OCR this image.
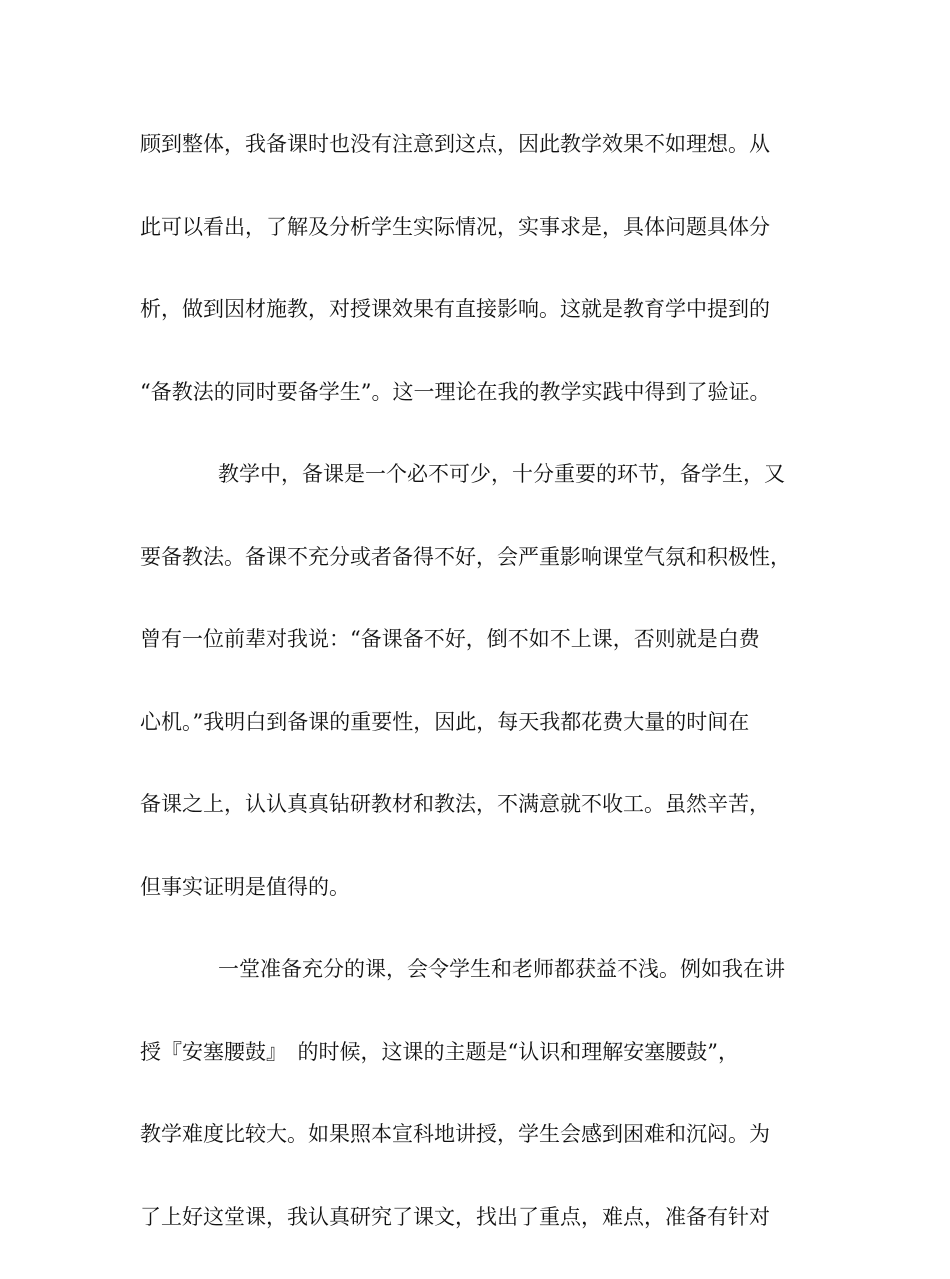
顾到整体，我备课时也没有注意到这点，因此教学效果不如理想。从
此可以看出，了解及分析学生实际情况，实事求是，具体问题具体分
析，做到因材施教，对授课效果有直接影响。这就是教育学中提到的
“备教法的同时要备学生”。这一理论在我的教学实践中得到了验证。
教学中，备课是一个必不可少，十分重要的环节，备学生，又
要备教法。备课不充分或者备得不好，会严重影响课堂气氛和积极性，
曾有一位前辈对我说：“备课备不好，倒不如不上课，否则就是白费
心机。”我明白到备课的重要性，因此，每天我都花费大量的时间在
备课之上，认认真真钻研教材和教法，不满意就不收工。虽然辛苦，
但事实证明是值得的。
一堂准备充分的课，会令学生和老师都获益不浅。例如我在讲
授『安塞腰鼓』　的时候，这课的主题是“认识和理解安塞腰鼓”，
教学难度比较大。如果照本宣科地讲授，学生会感到困难和沉闷。为
了上好这堂课，我认真研究了课文，找出了重点，难点，准备有针对
